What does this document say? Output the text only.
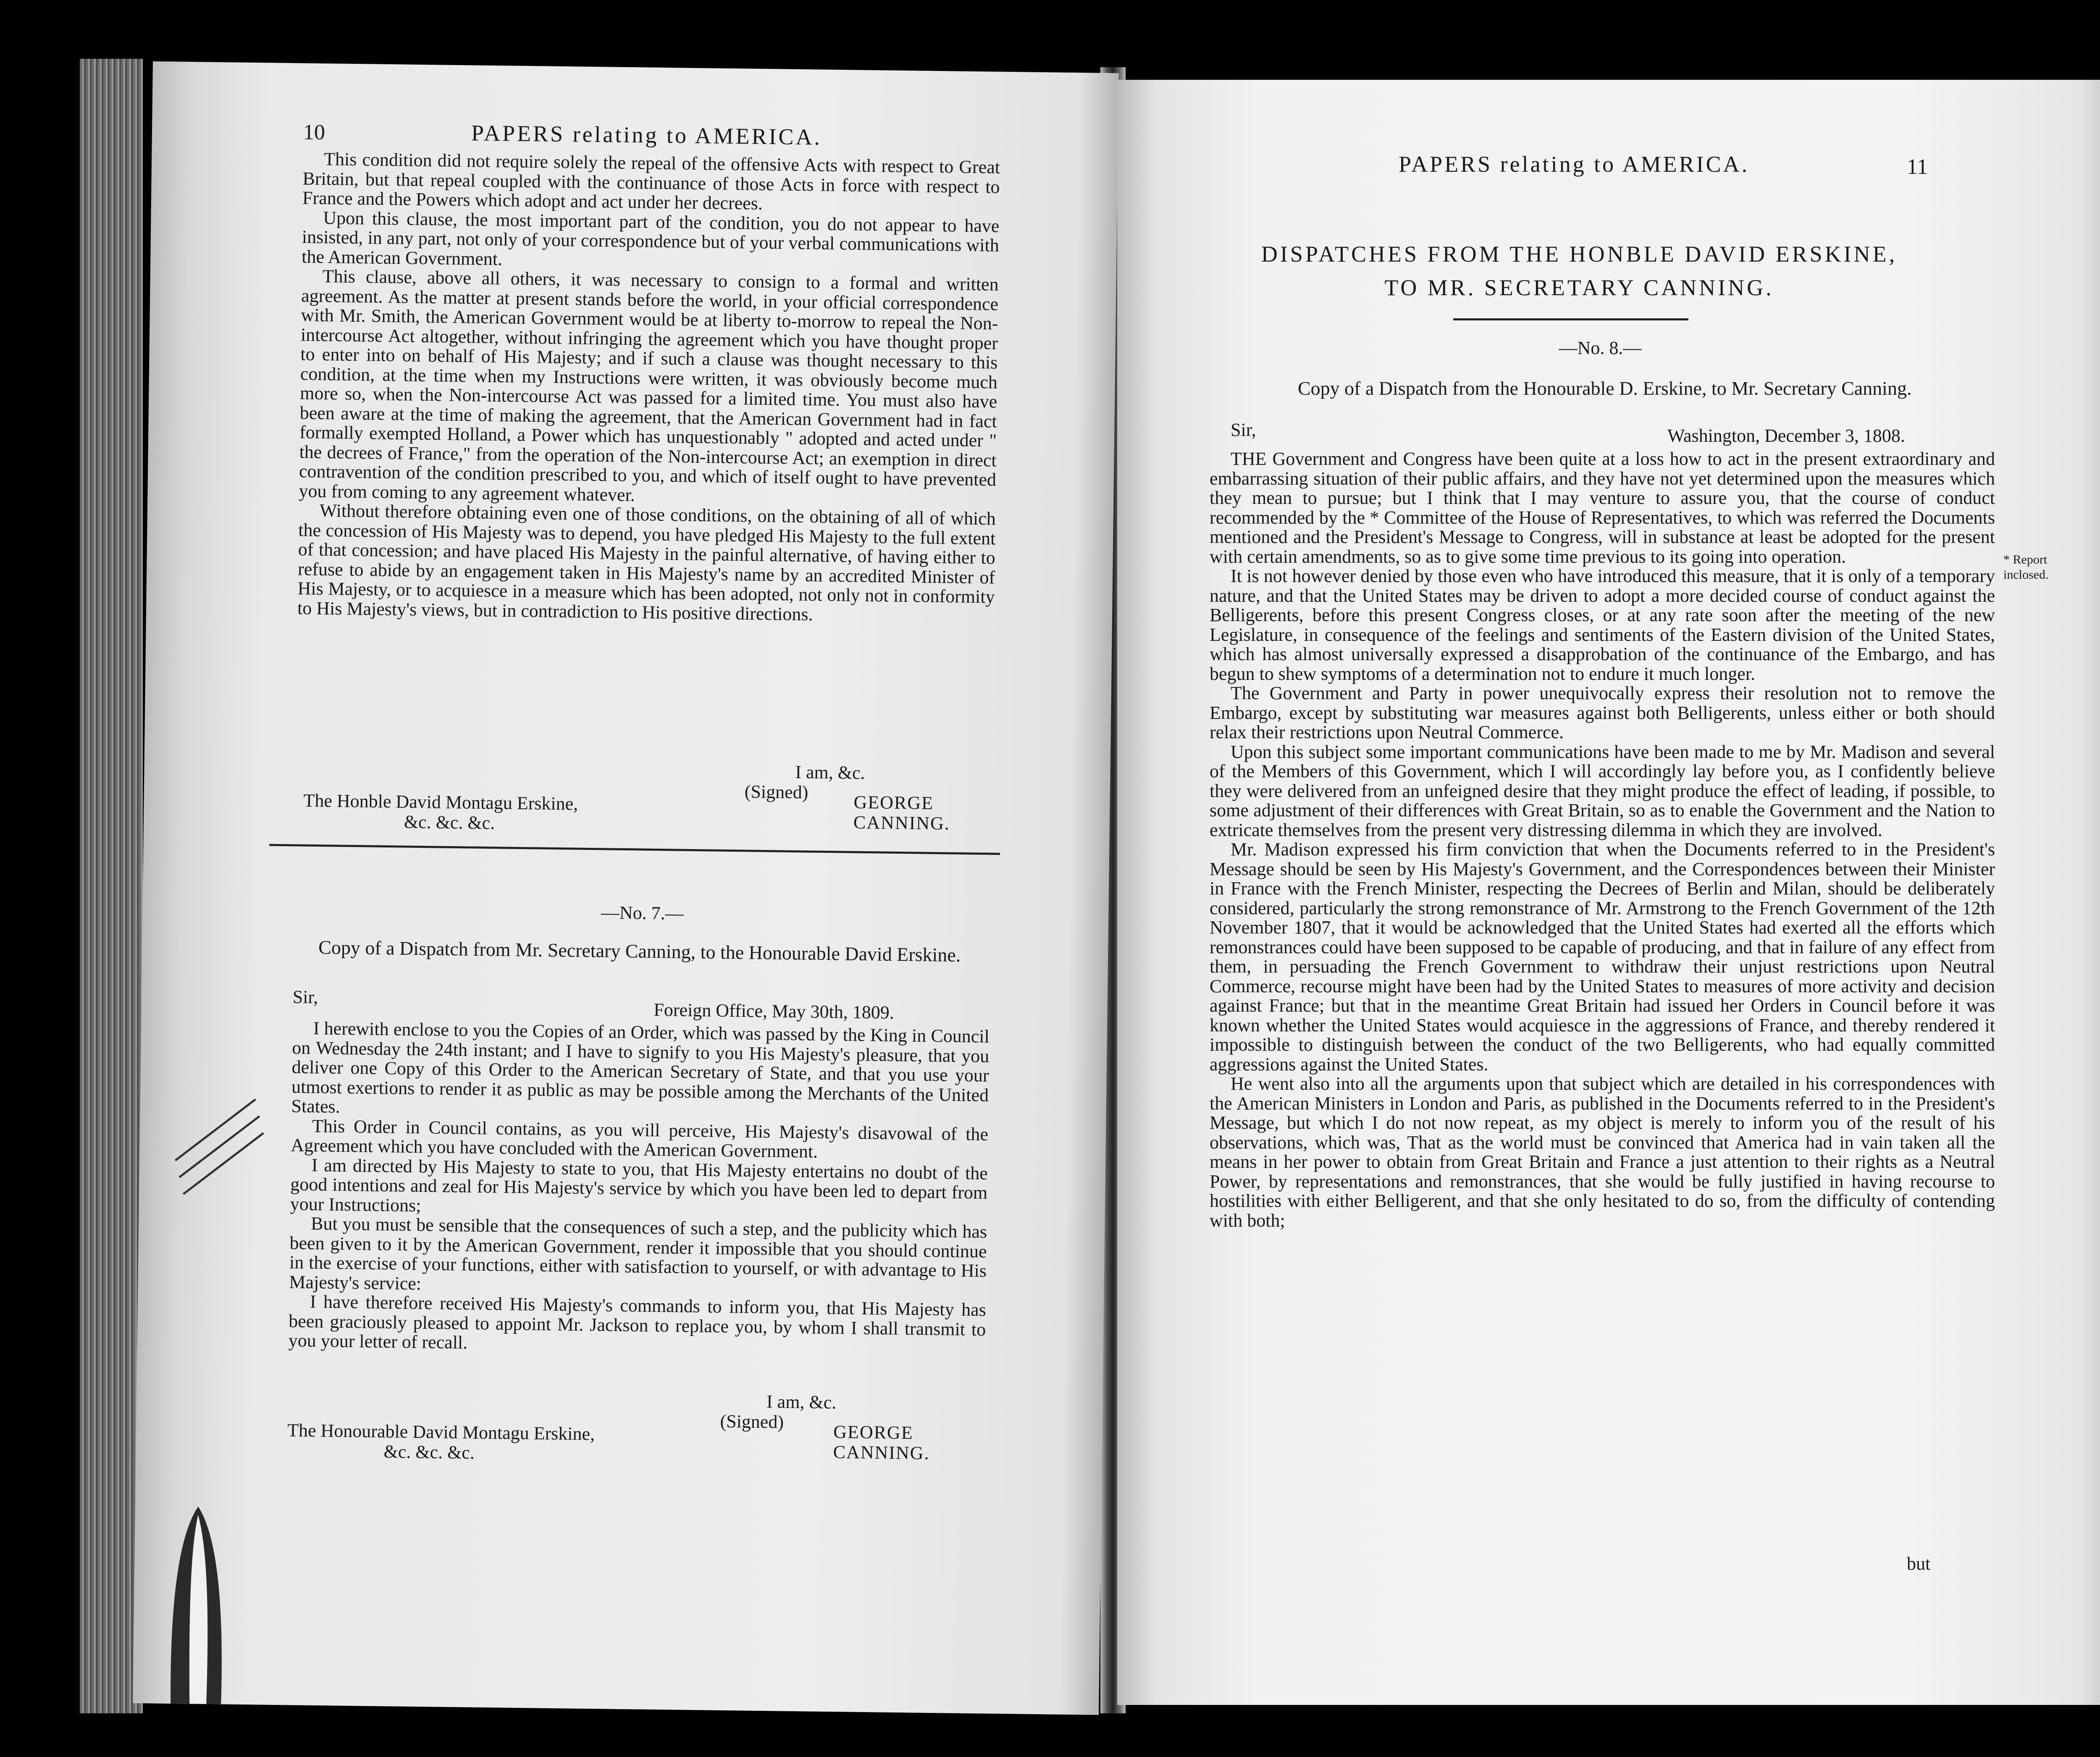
10	PAPERS relating to AMERICA.

This condition did not require solely the repeal of the offensive Acts with respect to Great Britain, but that repeal coupled with the continuance of those Acts in force with respect to France and the Powers which adopt and act under her decrees.

Upon this clause, the most important part of the condition, you do not appear to have insisted, in any part, not only of your correspondence but of your verbal communications with the American Government.

This clause, above all others, it was necessary to consign to a formal and written agreement. As the matter at present stands before the world, in your official correspondence with Mr. Smith, the American Government would be at liberty to-morrow to repeal the Non-intercourse Act altogether, without infringing the agreement which you have thought proper to enter into on behalf of His Majesty; and if such a clause was thought necessary to this condition, at the time when my Instructions were written, it was obviously become much more so, when the Non-intercourse Act was passed for a limited time. You must also have been aware at the time of making the agreement, that the American Government had in fact formally exempted Holland, a Power which has unquestionably " adopted and acted under " the decrees of France," from the operation of the Non-intercourse Act; an exemption in direct contravention of the condition prescribed to you, and which of itself ought to have prevented you from coming to any agreement whatever.

Without therefore obtaining even one of those conditions, on the obtaining of all of which the concession of His Majesty was to depend, you have pledged His Majesty to the full extent of that concession; and have placed His Majesty in the painful alternative, of having either to refuse to abide by an engagement taken in His Majesty's name by an accredited Minister of His Majesty, or to acquiesce in a measure which has been adopted, not only not in conformity to His Majesty's views, but in contradiction to His positive directions.

I am, &c.
(Signed) GEORGE CANNING.
The Honble David Montagu Erskine,
&c. &c. &c.
—No. 7.—
Copy of a Dispatch from Mr. Secretary Canning, to the Honourable David Erskine.
Sir,
Foreign Office, May 30th, 1809.

I herewith enclose to you the Copies of an Order, which was passed by the King in Council on Wednesday the 24th instant; and I have to signify to you His Majesty's pleasure, that you deliver one Copy of this Order to the American Secretary of State, and that you use your utmost exertions to render it as public as may be possible among the Merchants of the United States.

This Order in Council contains, as you will perceive, His Majesty's disavowal of the Agreement which you have concluded with the American Government.

I am directed by His Majesty to state to you, that His Majesty entertains no doubt of the good intentions and zeal for His Majesty's service by which you have been led to depart from your Instructions;

But you must be sensible that the consequences of such a step, and the publicity which has been given to it by the American Government, render it impossible that you should continue in the exercise of your functions, either with satisfaction to yourself, or with advantage to His Majesty's service:

I have therefore received His Majesty's commands to inform you, that His Majesty has been graciously pleased to appoint Mr. Jackson to replace you, by whom I shall transmit to you your letter of recall.

I am, &c.
(Signed)	GEORGE CANNING.
The Honourable David Montagu Erskine,
&c. &c. &c.
PAPERS relating to AMERICA.	11
DISPATCHES FROM THE HONBLE DAVID ERSKINE,
TO MR. SECRETARY CANNING.
—No. 8.—
Copy of a Dispatch from the Honourable D. Erskine, to Mr. Secretary Canning.
Sir,	Washington, December 3, 1808.

THE Government and Congress have been quite at a loss how to act in the present extraordinary and embarrassing situation of their public affairs, and they have not yet determined upon the measures which they mean to pursue; but I think that I may venture to assure you, that the course of conduct recommended by the * Committee of the House of Representatives, to which was referred the Documents mentioned and the President's Message to Congress, will in substance at least be adopted for the present with certain amendments, so as to give some time previous to its going into operation.

It is not however denied by those even who have introduced this measure, that it is only of a temporary nature, and that the United States may be driven to adopt a more decided course of conduct against the Belligerents, before this present Congress closes, or at any rate soon after the meeting of the new Legislature, in consequence of the feelings and sentiments of the Eastern division of the United States, which has almost universally expressed a disapprobation of the continuance of the Embargo, and has begun to shew symptoms of a determination not to endure it much longer.

The Government and Party in power unequivocally express their resolution not to remove the Embargo, except by substituting war measures against both Belligerents, unless either or both should relax their restrictions upon Neutral Commerce.

Upon this subject some important communications have been made to me by Mr. Madison and several of the Members of this Government, which I will accordingly lay before you, as I confidently believe they were delivered from an unfeigned desire that they might produce the effect of leading, if possible, to some adjustment of their differences with Great Britain, so as to enable the Government and the Nation to extricate themselves from the present very distressing dilemma in which they are involved.

Mr. Madison expressed his firm conviction that when the Documents referred to in the President's Message should be seen by His Majesty's Government, and the Correspondences between their Minister in France with the French Minister, respecting the Decrees of Berlin and Milan, should be deliberately considered, particularly the strong remonstrance of Mr. Armstrong to the French Government of the 12th November 1807, that it would be acknowledged that the United States had exerted all the efforts which remonstrances could have been supposed to be capable of producing, and that in failure of any effect from them, in persuading the French Government to withdraw their unjust restrictions upon Neutral Commerce, recourse might have been had by the United States to measures of more activity and decision against France; but that in the meantime Great Britain had issued her Orders in Council before it was known whether the United States would acquiesce in the aggressions of France, and thereby rendered it impossible to distinguish between the conduct of the two Belligerents, who had equally committed aggressions against the United States.

He went also into all the arguments upon that subject which are detailed in his correspondences with the American Ministers in London and Paris, as published in the Documents referred to in the President's Message, but which I do not now repeat, as my object is merely to inform you of the result of his observations, which was, That as the world must be convinced that America had in vain taken all the means in her power to obtain from Great Britain and France a just attention to their rights as a Neutral Power, by representations and remonstrances, that she would be fully justified in having recourse to hostilities with either Belligerent, and that she only hesitated to do so, from the difficulty of contending with both;

* Report inclosed.
but
